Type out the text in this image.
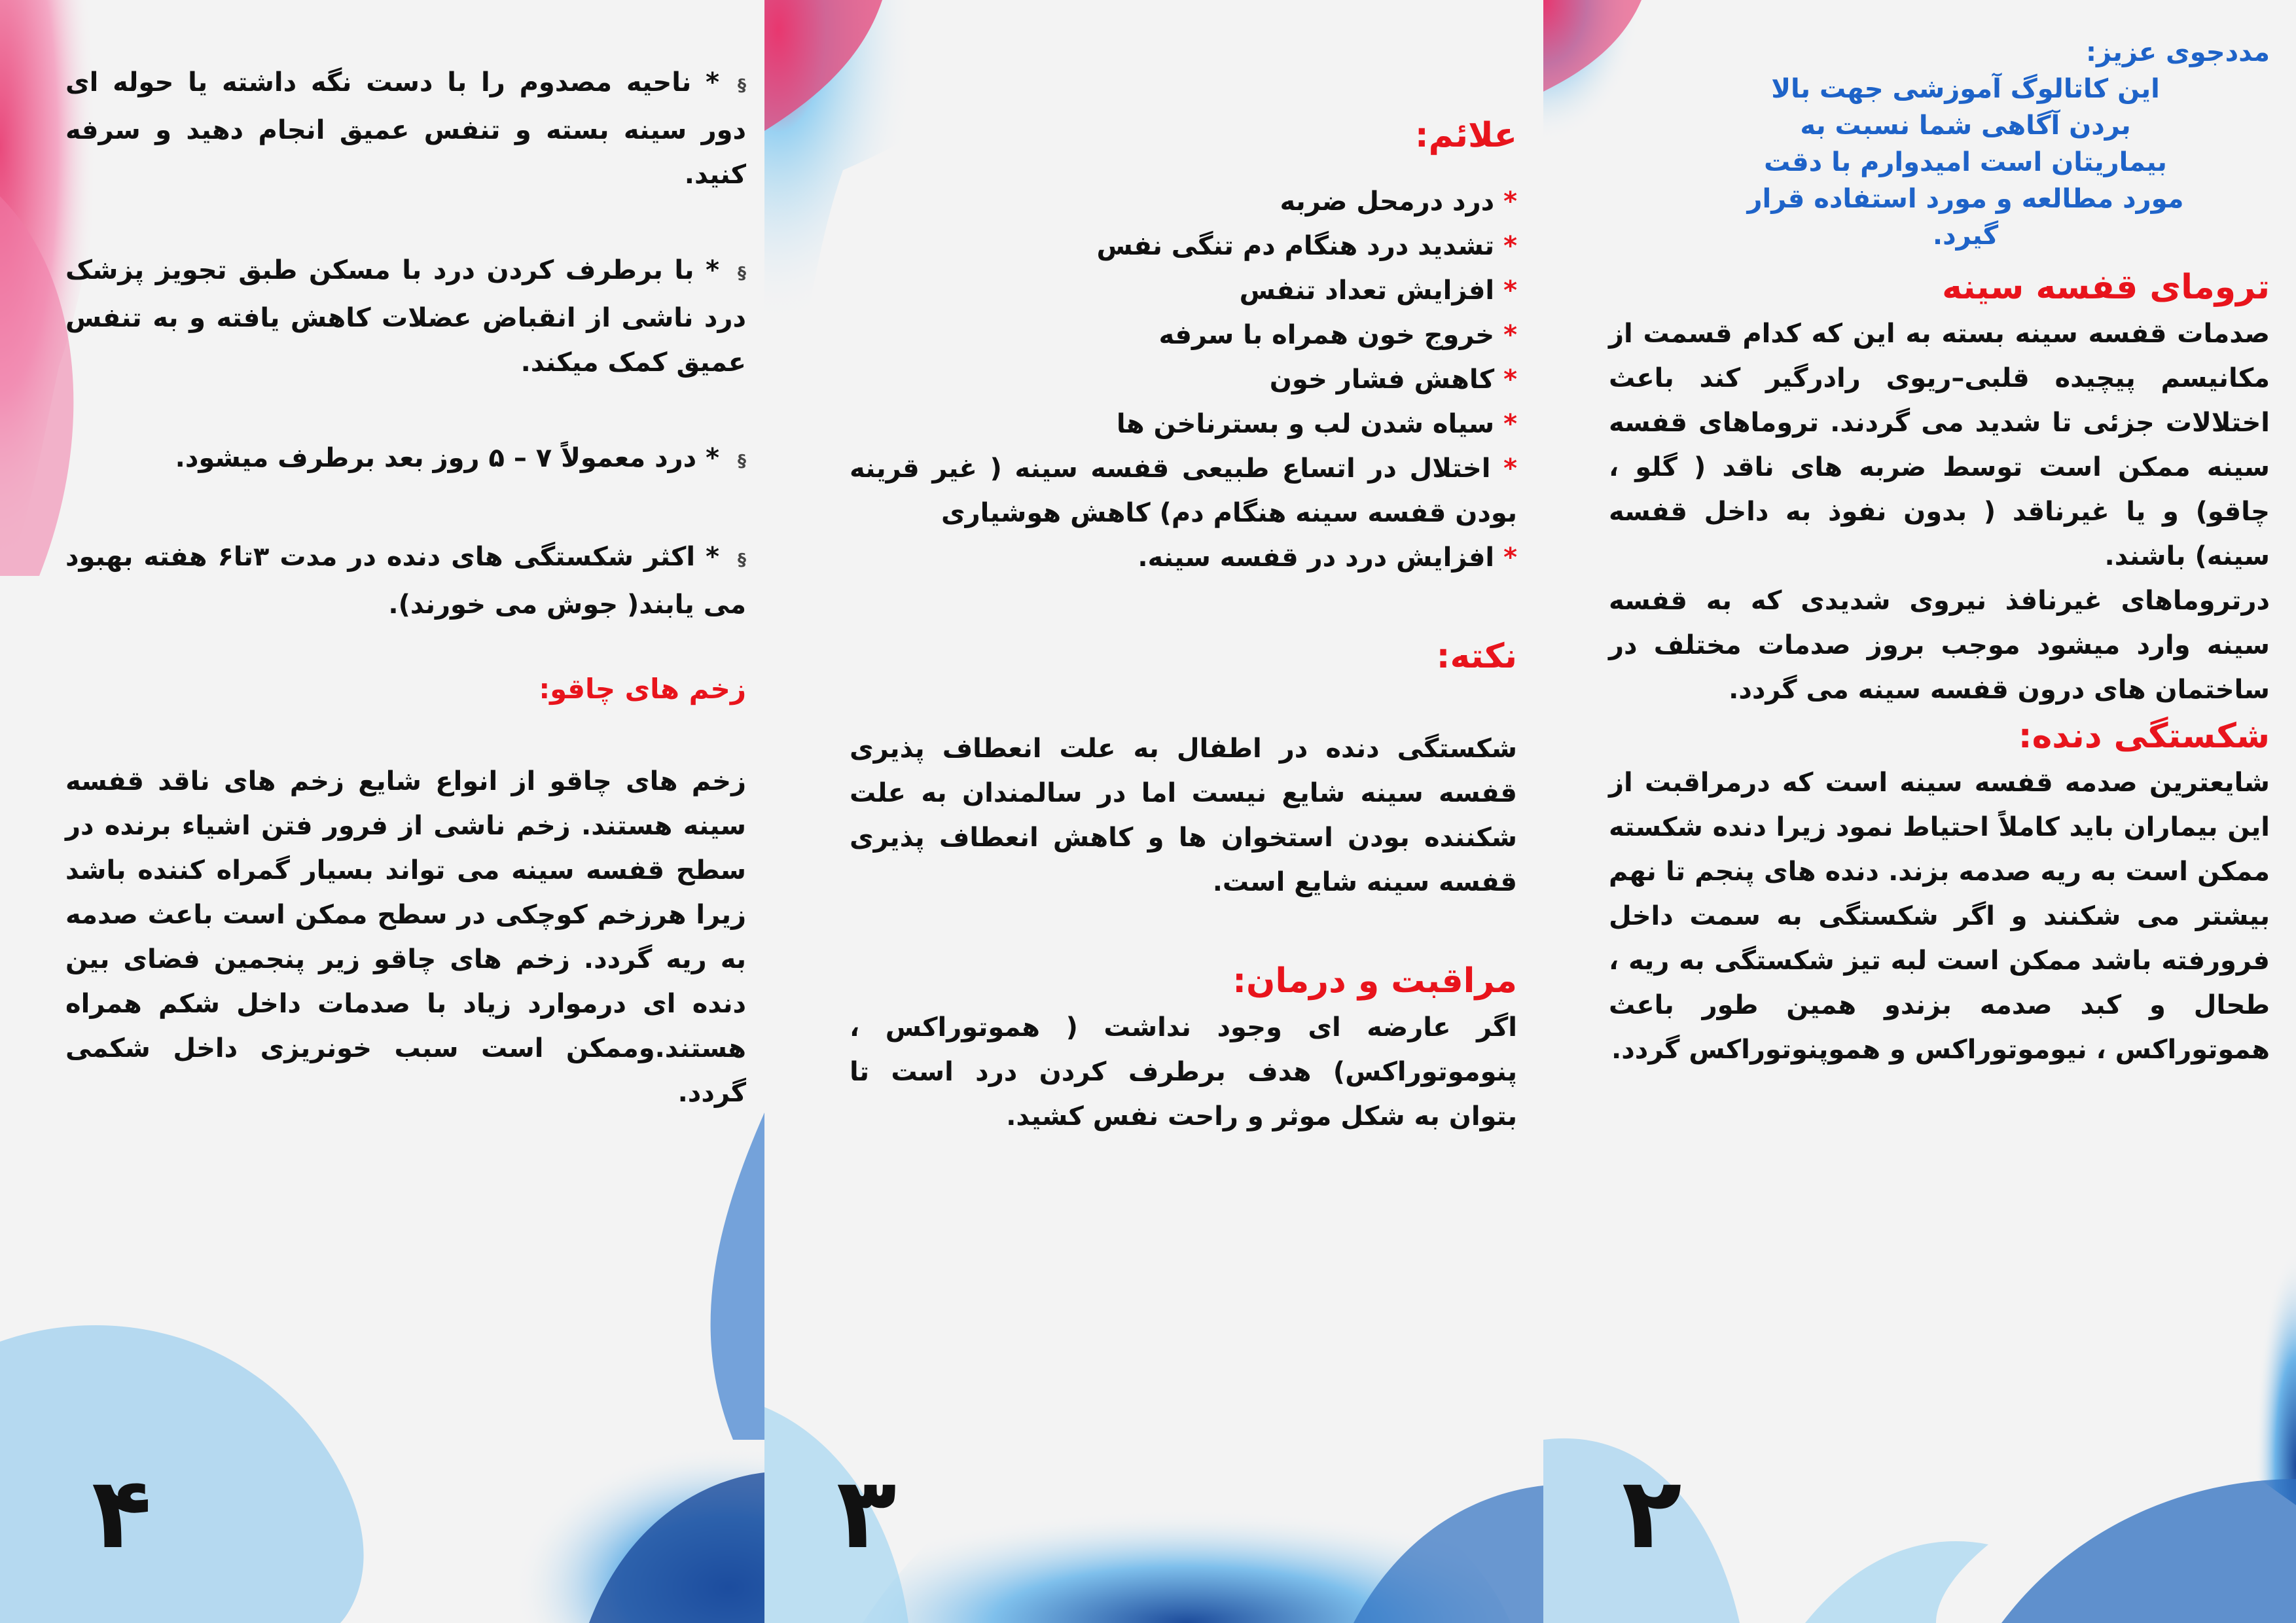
§* ناحیه مصدوم را با دست نگه داشته یا حوله ای دور سینه بسته و تنفس عمیق انجام دهید و سرفه کنید.

§* با برطرف کردن درد با مسکن طبق تجویز پزشک درد ناشی از انقباض عضلات کاهش یافته و به تنفس عمیق کمک میکند.

§* درد معمولاً ۷ – ۵ روز بعد برطرف میشود.

§* اکثر شکستگی های دنده در مدت ۳تا۶ هفته بهبود می یابند( جوش می خورند).

زخم های چاقو:

زخم های چاقو از انواع شایع زخم های ناقد قفسه سینه هستند. زخم ناشی از فرور فتن اشیاء برنده در سطح قفسه سینه می تواند بسیار گمراه کننده باشد زیرا هرزخم کوچکی در سطح ممکن است باعث صدمه به ریه گردد. زخم های چاقو زیر پنجمین فضای بین دنده ای درموارد زیاد با صدمات داخل شکم همراه هستند.وممکن است سبب خونریزی داخل شکمی گردد.

۴

علائم:

* درد درمحل ضربه
* تشدید درد هنگام دم تنگی نفس
* افزایش تعداد تنفس
* خروج خون همراه با سرفه
* کاهش فشار خون
* سیاه شدن لب و بسترناخن ها
* اختلال در اتساع طبیعی قفسه سینه ( غیر قرینه بودن قفسه سینه هنگام دم) کاهش هوشیاری
* افزایش درد در قفسه سینه.

نکته:

شکستگی دنده در اطفال به علت انعطاف پذیری قفسه سینه شایع نیست اما در سالمندان به علت شکننده بودن استخوان ها و کاهش انعطاف پذیری قفسه سینه شایع است.

مراقبت و درمان:

اگر عارضه ای وجود نداشت ( هموتوراکس ، پنوموتوراکس) هدف برطرف کردن درد است تا بتوان به شکل موثر و راحت نفس کشید.

۳

مددجوی عزیز:
این کاتالوگ آموزشی جهت بالا بردن آگاهی شما نسبت به بیماریتان است امیدوارم با دقت مورد مطالعه و مورد استفاده قرار گیرد.

ترومای قفسه سینه

صدمات قفسه سینه بسته به این که کدام قسمت از مکانیسم پیچیده قلبی–ریوی رادرگیر کند باعث اختلالات جزئی تا شدید می گردند. تروماهای قفسه سینه ممکن است توسط ضربه های ناقد ( گلو ، چاقو) و یا غیرناقد ( بدون نفوذ به داخل قفسه سینه) باشند.

درتروماهای غیرنافذ نیروی شدیدی که به قفسه سینه وارد میشود موجب بروز صدمات مختلف در ساختمان های درون قفسه سینه می گردد.

شکستگی دنده:

شایعترین صدمه قفسه سینه است که درمراقبت از این بیماران باید کاملاً احتیاط نمود زیرا دنده شکسته ممکن است به ریه صدمه بزند. دنده های پنجم تا نهم بیشتر می شکنند و اگر شکستگی به سمت داخل فرورفته باشد ممکن است لبه تیز شکستگی به ریه ، طحال و کبد صدمه بزندو همین طور باعث هموتوراکس ، نیوموتوراکس و هموپنوتوراکس گردد.

۲
